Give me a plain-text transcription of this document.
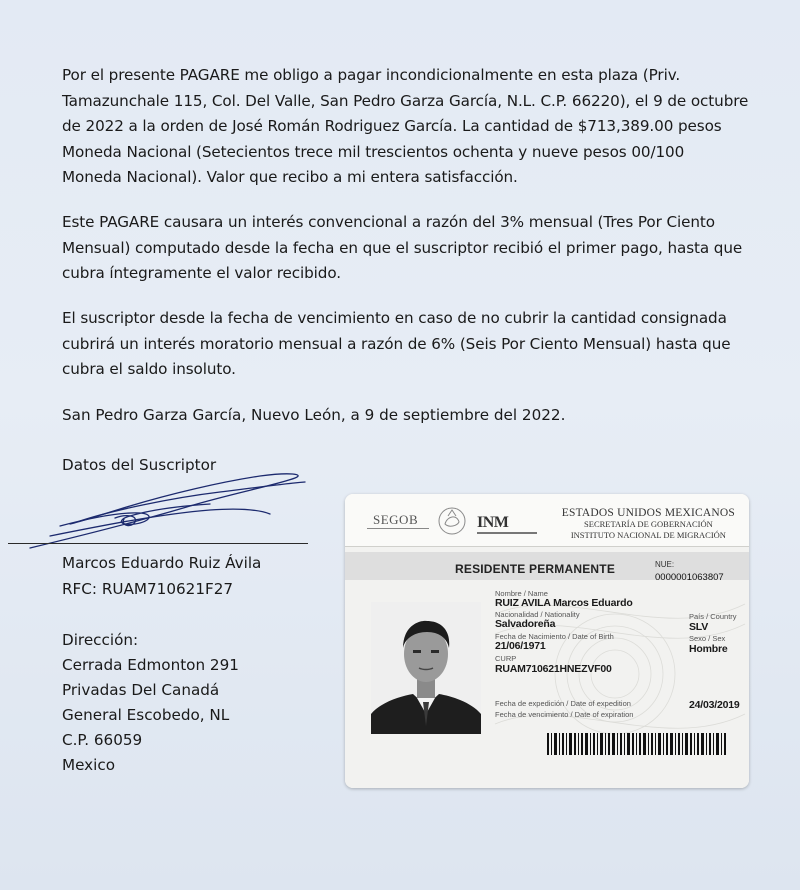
Por el presente PAGARE me obligo a pagar incondicionalmente en esta plaza (Priv.
Tamazunchale 115, Col. Del Valle, San Pedro Garza García, N.L. C.P. 66220), el 9 de octubre
de 2022 a la orden de José Román Rodriguez García. La cantidad de $713,389.00 pesos
Moneda Nacional (Setecientos trece mil trescientos ochenta y nueve pesos 00/100
Moneda Nacional). Valor que recibo a mi entera satisfacción.
Este PAGARE causara un interés convencional a razón del 3% mensual (Tres Por Ciento
Mensual) computado desde la fecha en que el suscriptor recibió el primer pago, hasta que
cubra íntegramente el valor recibido.
El suscriptor desde la fecha de vencimiento en caso de no cubrir la cantidad consignada
cubrirá un interés moratorio mensual a razón de 6% (Seis Por Ciento Mensual) hasta que
cubra el saldo insoluto.
San Pedro Garza García, Nuevo León, a 9 de septiembre del 2022.
Datos del Suscriptor
Marcos Eduardo Ruiz Ávila
RFC: RUAM710621F27
Dirección:
Cerrada Edmonton 291
Privadas Del Canadá
General Escobedo, NL
C.P. 66059
Mexico
SEGOB	INM
ESTADOS UNIDOS MEXICANOS
SECRETARÍA DE GOBERNACIÓN
INSTITUTO NACIONAL DE MIGRACIÓN
RESIDENTE PERMANENTE	NUE:
0000001063807
Nombre / Name
RUIZ AVILA Marcos Eduardo
Nacionalidad / Nationality
Salvadoreña
País / Country
SLV
Fecha de Nacimiento / Date of Birth
21/06/1971
Sexo / Sex
Hombre
CURP
RUAM710621HNEZVF00
Fecha de expedición / Date of expedition	24/03/2019
Fecha de vencimiento / Date of expiration
